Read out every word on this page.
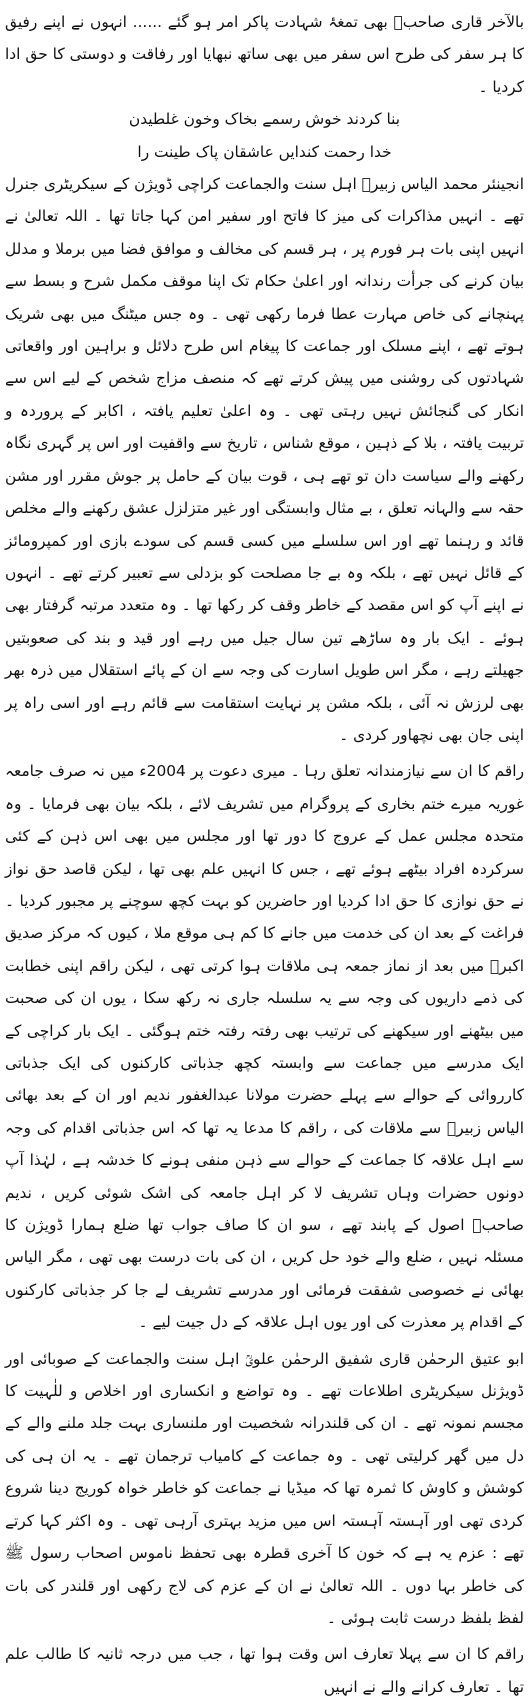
بالآخر قاری صاحبؒ بھی تمغۂ شہادت پاکر امر ہو گئے ...... انہوں نے اپنے رفیق کا ہر سفر کی طرح اس سفر میں بھی ساتھ نبھایا اور رفاقت و دوستی کا حق ادا کردیا ۔

بنا کردند خوش رسمے بخاک وخون غلطیدن

خدا رحمت کندایں عاشقان پاک طینت را

انجینئر محمد الیاس زبیرؒ اہل سنت والجماعت کراچی ڈویژن کے سیکریٹری جنرل تھے ۔ انہیں مذاکرات کی میز کا فاتح اور سفیر امن کہا جاتا تھا ۔ اللہ تعالیٰ نے انہیں اپنی بات ہر فورم پر ، ہر قسم کی مخالف و موافق فضا میں برملا و مدلل بیان کرنے کی جرأت رندانہ اور اعلیٰ حکام تک اپنا موقف مکمل شرح و بسط سے پہنچانے کی خاص مہارت عطا فرما رکھی تھی ۔ وہ جس میٹنگ میں بھی شریک ہوتے تھے ، اپنے مسلک اور جماعت کا پیغام اس طرح دلائل و براہین اور واقعاتی شہادتوں کی روشنی میں پیش کرتے تھے کہ منصف مزاج شخص کے لیے اس سے انکار کی گنجائش نہیں رہتی تھی ۔ وہ اعلیٰ تعلیم یافتہ ، اکابر کے پروردہ و تربیت یافتہ ، بلا کے ذہین ، موقع شناس ، تاریخ سے واقفیت اور اس پر گہری نگاہ رکھنے والے سیاست دان تو تھے ہی ، قوت بیان کے حامل پر جوش مقرر اور مشن حقہ سے والہانہ تعلق ، بے مثال وابستگی اور غیر متزلزل عشق رکھنے والے مخلص قائد و رہنما تھے اور اس سلسلے میں کسی قسم کی سودے بازی اور کمپرومائز کے قائل نہیں تھے ، بلکہ وہ بے جا مصلحت کو بزدلی سے تعبیر کرتے تھے ۔ انہوں نے اپنے آپ کو اس مقصد کے خاطر وقف کر رکھا تھا ۔ وہ متعدد مرتبہ گرفتار بھی ہوئے ۔ ایک بار وہ ساڑھے تین سال جیل میں رہے اور قید و بند کی صعوبتیں جھیلتے رہے ، مگر اس طویل اسارت کی وجہ سے ان کے پائے استقلال میں ذرہ بھر بھی لرزش نہ آئی ، بلکہ مشن پر نہایت استقامت سے قائم رہے اور اسی راہ پر اپنی جان بھی نچھاور کردی ۔

راقم کا ان سے نیازمندانہ تعلق رہا ۔ میری دعوت پر 2004ء میں نہ صرف جامعہ غوریہ میرے ختم بخاری کے پروگرام میں تشریف لائے ، بلکہ بیان بھی فرمایا ۔ وہ متحدہ مجلس عمل کے عروج کا دور تھا اور مجلس میں بھی اس ذہن کے کئی سرکردہ افراد بیٹھے ہوئے تھے ، جس کا انہیں علم بھی تھا ، لیکن قاصد حق نواز نے حق نوازی کا حق ادا کردیا اور حاضرین کو بہت کچھ سوچنے پر مجبور کردیا ۔ فراغت کے بعد ان کی خدمت میں جانے کا کم ہی موقع ملا ، کیوں کہ مرکز صدیق اکبرؓ میں بعد از نماز جمعہ ہی ملاقات ہوا کرتی تھی ، لیکن راقم اپنی خطابت کی ذمے داریوں کی وجہ سے یہ سلسلہ جاری نہ رکھ سکا ، یوں ان کی صحبت میں بیٹھنے اور سیکھنے کی ترتیب بھی رفتہ رفتہ ختم ہوگئی ۔ ایک بار کراچی کے ایک مدرسے میں جماعت سے وابستہ کچھ جذباتی کارکنوں کی ایک جذباتی کارروائی کے حوالے سے پہلے حضرت مولانا عبدالغفور ندیم اور ان کے بعد بھائی الیاس زبیرؒ سے ملاقات کی ، راقم کا مدعا یہ تھا کہ اس جذباتی اقدام کی وجہ سے اہل علاقہ کا جماعت کے حوالے سے ذہن منفی ہونے کا خدشہ ہے ، لہٰذا آپ دونوں حضرات وہاں تشریف لا کر اہل جامعہ کی اشک شوئی کریں ، ندیم صاحبؒ اصول کے پابند تھے ، سو ان کا صاف جواب تھا ضلع ہمارا ڈویژن کا مسئلہ نہیں ، ضلع والے خود حل کریں ، ان کی بات درست بھی تھی ، مگر الیاس بھائی نے خصوصی شفقت فرمائی اور مدرسے تشریف لے جا کر جذباتی کارکنوں کے اقدام پر معذرت کی اور یوں اہل علاقہ کے دل جیت لیے ۔

ابو عتیق الرحمٰن قاری شفیق الرحمٰن علویؒ اہل سنت والجماعت کے صوبائی اور ڈویژنل سیکریٹری اطلاعات تھے ۔ وہ تواضع و انکساری اور اخلاص و للٰہیت کا مجسم نمونہ تھے ۔ ان کی قلندرانہ شخصیت اور ملنساری بہت جلد ملنے والے کے دل میں گھر کرلیتی تھی ۔ وہ جماعت کے کامیاب ترجمان تھے ۔ یہ ان ہی کی کوشش و کاوش کا ثمرہ تھا کہ میڈیا نے جماعت کو خاطر خواہ کوریج دینا شروع کردی تھی اور آہستہ آہستہ اس میں مزید بہتری آرہی تھی ۔ وہ اکثر کہا کرتے تھے : عزم یہ ہے کہ خون کا آخری قطرہ بھی تحفظ ناموس اصحاب رسول ﷺ کی خاطر بہا دوں ۔ اللہ تعالیٰ نے ان کے عزم کی لاج رکھی اور قلندر کی بات لفظ بلفظ درست ثابت ہوئی ۔

راقم کا ان سے پہلا تعارف اس وقت ہوا تھا ، جب میں درجہ ثانیہ کا طالب علم تھا ۔ تعارف کرانے والے نے انہیں
